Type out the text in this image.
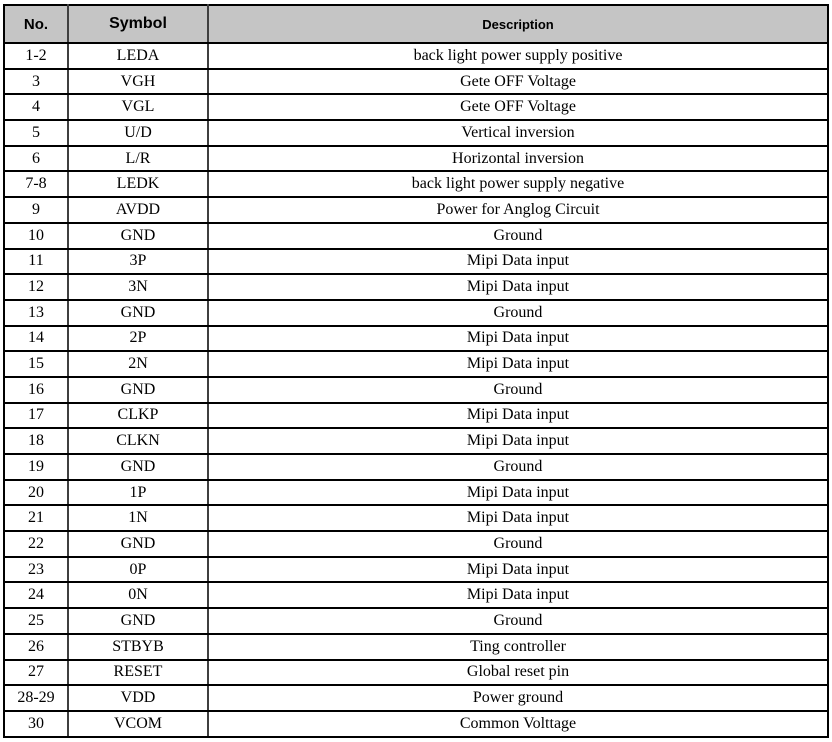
No.	Symbol	Description
1-2	LEDA	back light power supply positive
3	VGH	Gete OFF Voltage
4	VGL	Gete OFF Voltage
5	U/D	Vertical inversion
6	L/R	Horizontal inversion
7-8	LEDK	back light power supply negative
9	AVDD	Power for Anglog Circuit
10	GND	Ground
11	3P	Mipi Data input
12	3N	Mipi Data input
13	GND	Ground
14	2P	Mipi Data input
15	2N	Mipi Data input
16	GND	Ground
17	CLKP	Mipi Data input
18	CLKN	Mipi Data input
19	GND	Ground
20	1P	Mipi Data input
21	1N	Mipi Data input
22	GND	Ground
23	0P	Mipi Data input
24	0N	Mipi Data input
25	GND	Ground
26	STBYB	Ting controller
27	RESET	Global reset pin
28-29	VDD	Power ground
30	VCOM	Common Volttage
